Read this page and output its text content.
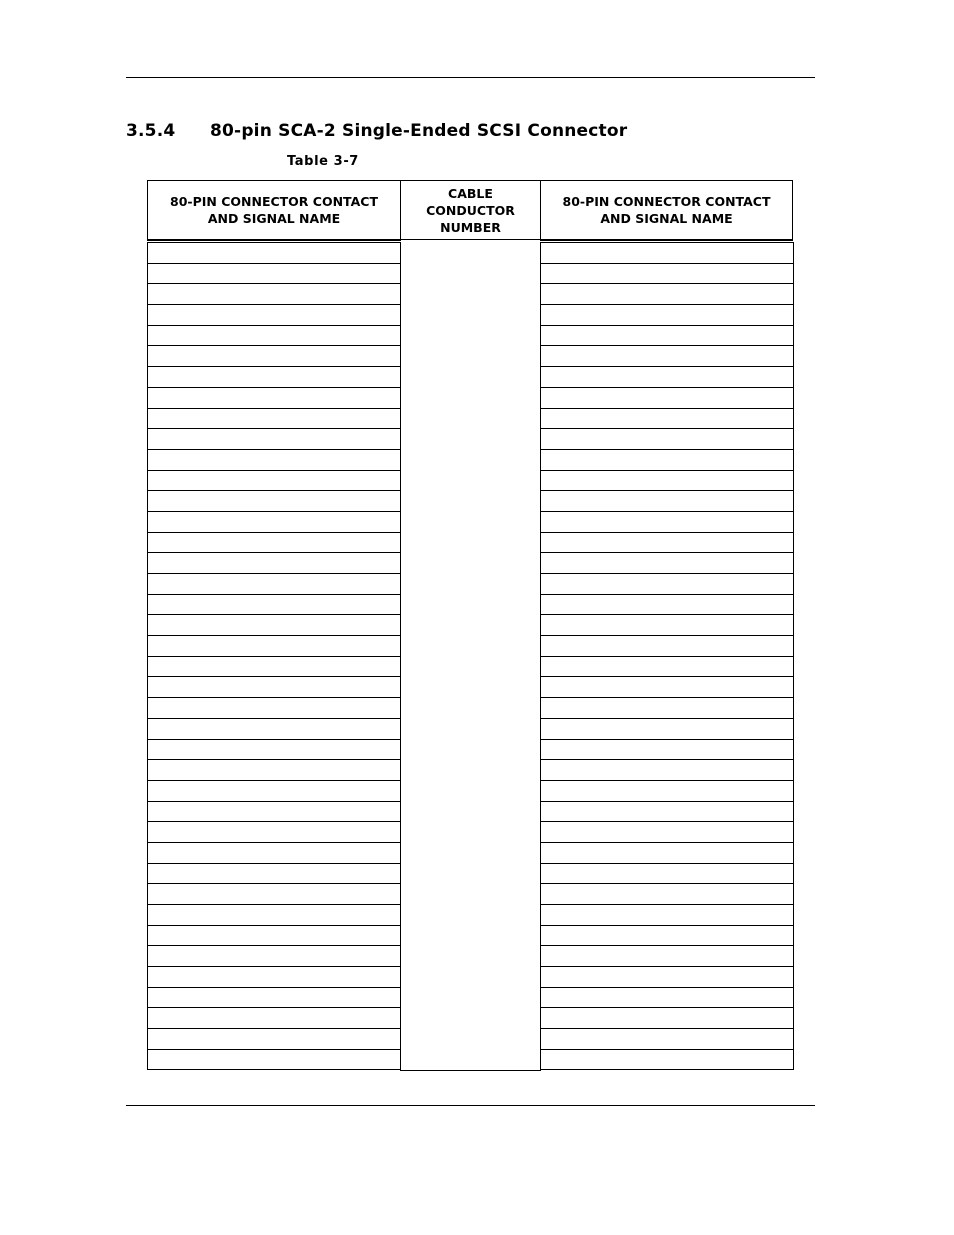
3.5.4 80-pin SCA-2 Single-Ended SCSI Connector
Table 3-7
80-PIN CONNECTOR CONTACT
AND SIGNAL NAME
CABLE
CONDUCTOR
NUMBER
80-PIN CONNECTOR CONTACT
AND SIGNAL NAME
